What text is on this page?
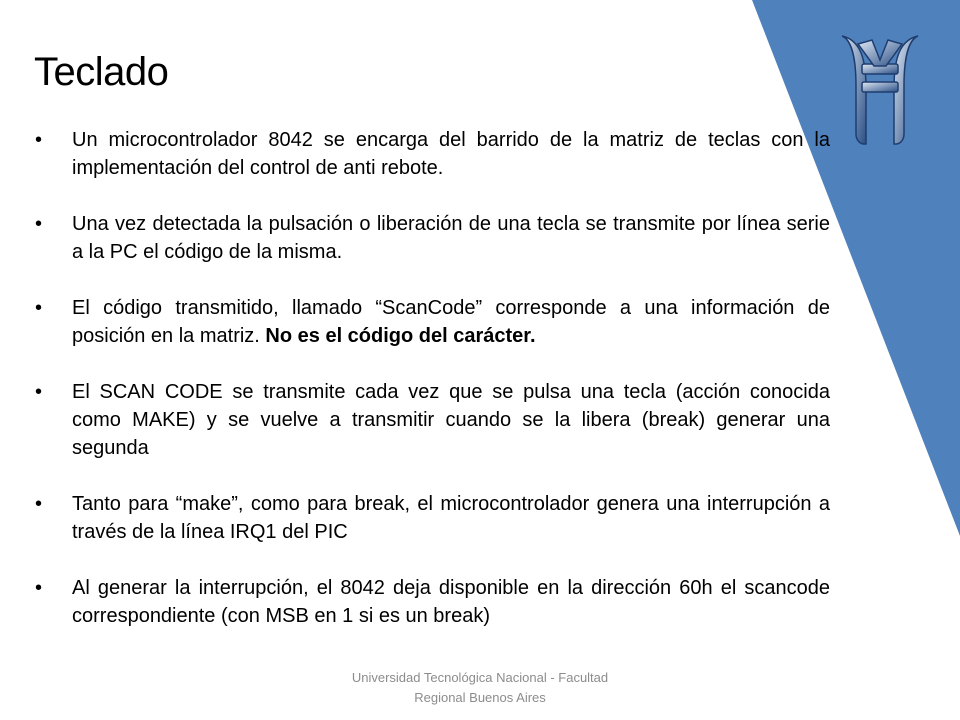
Teclado
• Un microcontrolador 8042 se encarga del barrido de la matriz de teclas con la implementación del control de anti rebote.
• Una vez detectada la pulsación o liberación de una tecla se transmite por línea serie a la PC el código de la misma.
• El código transmitido, llamado “ScanCode” corresponde a una información de posición en la matriz. No es el código del carácter.
• El SCAN CODE se transmite cada vez que se pulsa una tecla (acción conocida como MAKE) y se vuelve a transmitir cuando se la libera (break) generar una segunda
• Tanto para “make”, como para break, el microcontrolador genera una interrupción a través de la línea IRQ1 del PIC
• Al generar la interrupción, el 8042 deja disponible en la dirección 60h el scancode correspondiente (con MSB en 1 si es un break)
Universidad Tecnológica Nacional - Facultad
Regional Buenos Aires
